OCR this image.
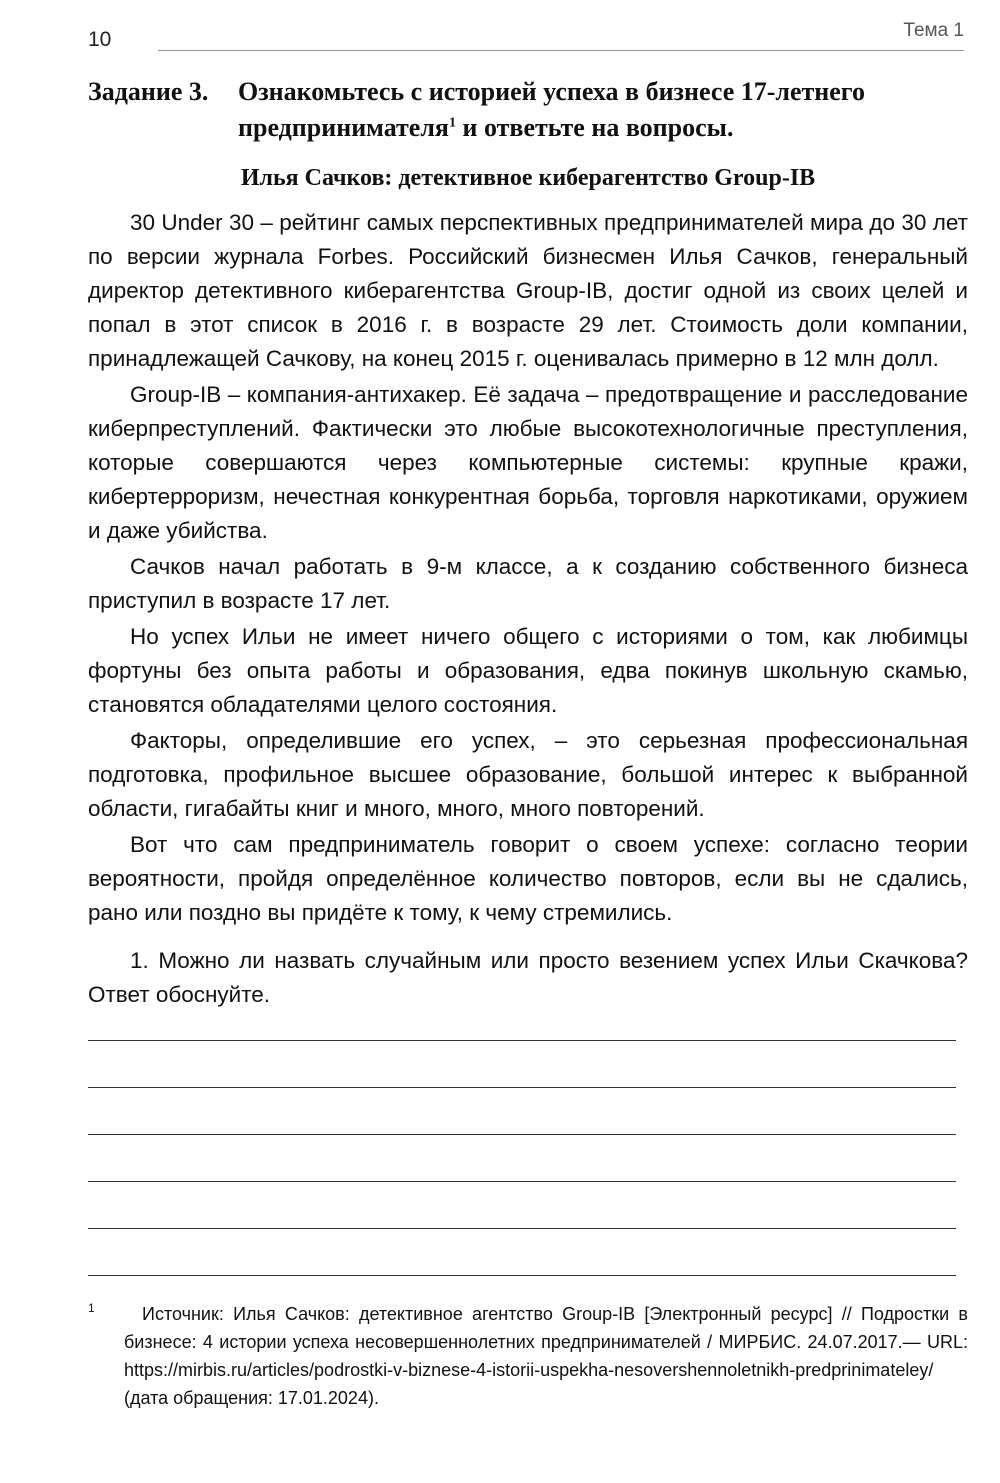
10	Тема 1
Задание 3. Ознакомьтесь с историей успеха в бизнесе 17-летнего
предпринимателя$^1$ и ответьте на вопросы.
Илья Сачков: детективное киберагентство Group-IB

30 Under 30 – рейтинг самых перспективных предпринимателей мира до 30 лет по версии журнала Forbes. Российский бизнесмен Илья Сачков, генеральный директор детективного киберагентства Group-IB, достиг одной из своих целей и попал в этот список в 2016 г. в возрасте 29 лет. Стоимость доли компании, принадлежащей Сачкову, на конец 2015 г. оценивалась примерно в 12 млн долл.

Group-IB – компания-антихакер. Её задача – предотвращение и расследование киберпреступлений. Фактически это любые высокотехнологичные преступления, которые совершаются через компьютерные системы: крупные кражи, кибертерроризм, нечестная конкурентная борьба, торговля наркотиками, оружием и даже убийства.

Сачков начал работать в 9-м классе, а к созданию собственного бизнеса приступил в возрасте 17 лет.

Но успех Ильи не имеет ничего общего с историями о том, как любимцы фортуны без опыта работы и образования, едва покинув школьную скамью, становятся обладателями целого состояния.

Факторы, определившие его успех, – это серьезная профессиональная подготовка, профильное высшее образование, большой интерес к выбранной области, гигабайты книг и много, много, много повторений.

Вот что сам предприниматель говорит о своем успехе: согласно теории вероятности, пройдя определённое количество повторов, если вы не сдались, рано или поздно вы придёте к тому, к чему стремились.

1. Можно ли назвать случайным или просто везением успех Ильи Скачкова? Ответ обоснуйте.

1	Источник: Илья Сачков: детективное агентство Group-IB [Электронный ресурс] // Подростки в бизнесе: 4 истории успеха несовершеннолетних предпринимателей / МИРБИС. 24.07.2017.— URL: https://mirbis.ru/articles/podrostki-v-biznese-4-istorii-uspekha-nesovershennoletnikh-predprinimateley/ (дата обращения: 17.01.2024).
